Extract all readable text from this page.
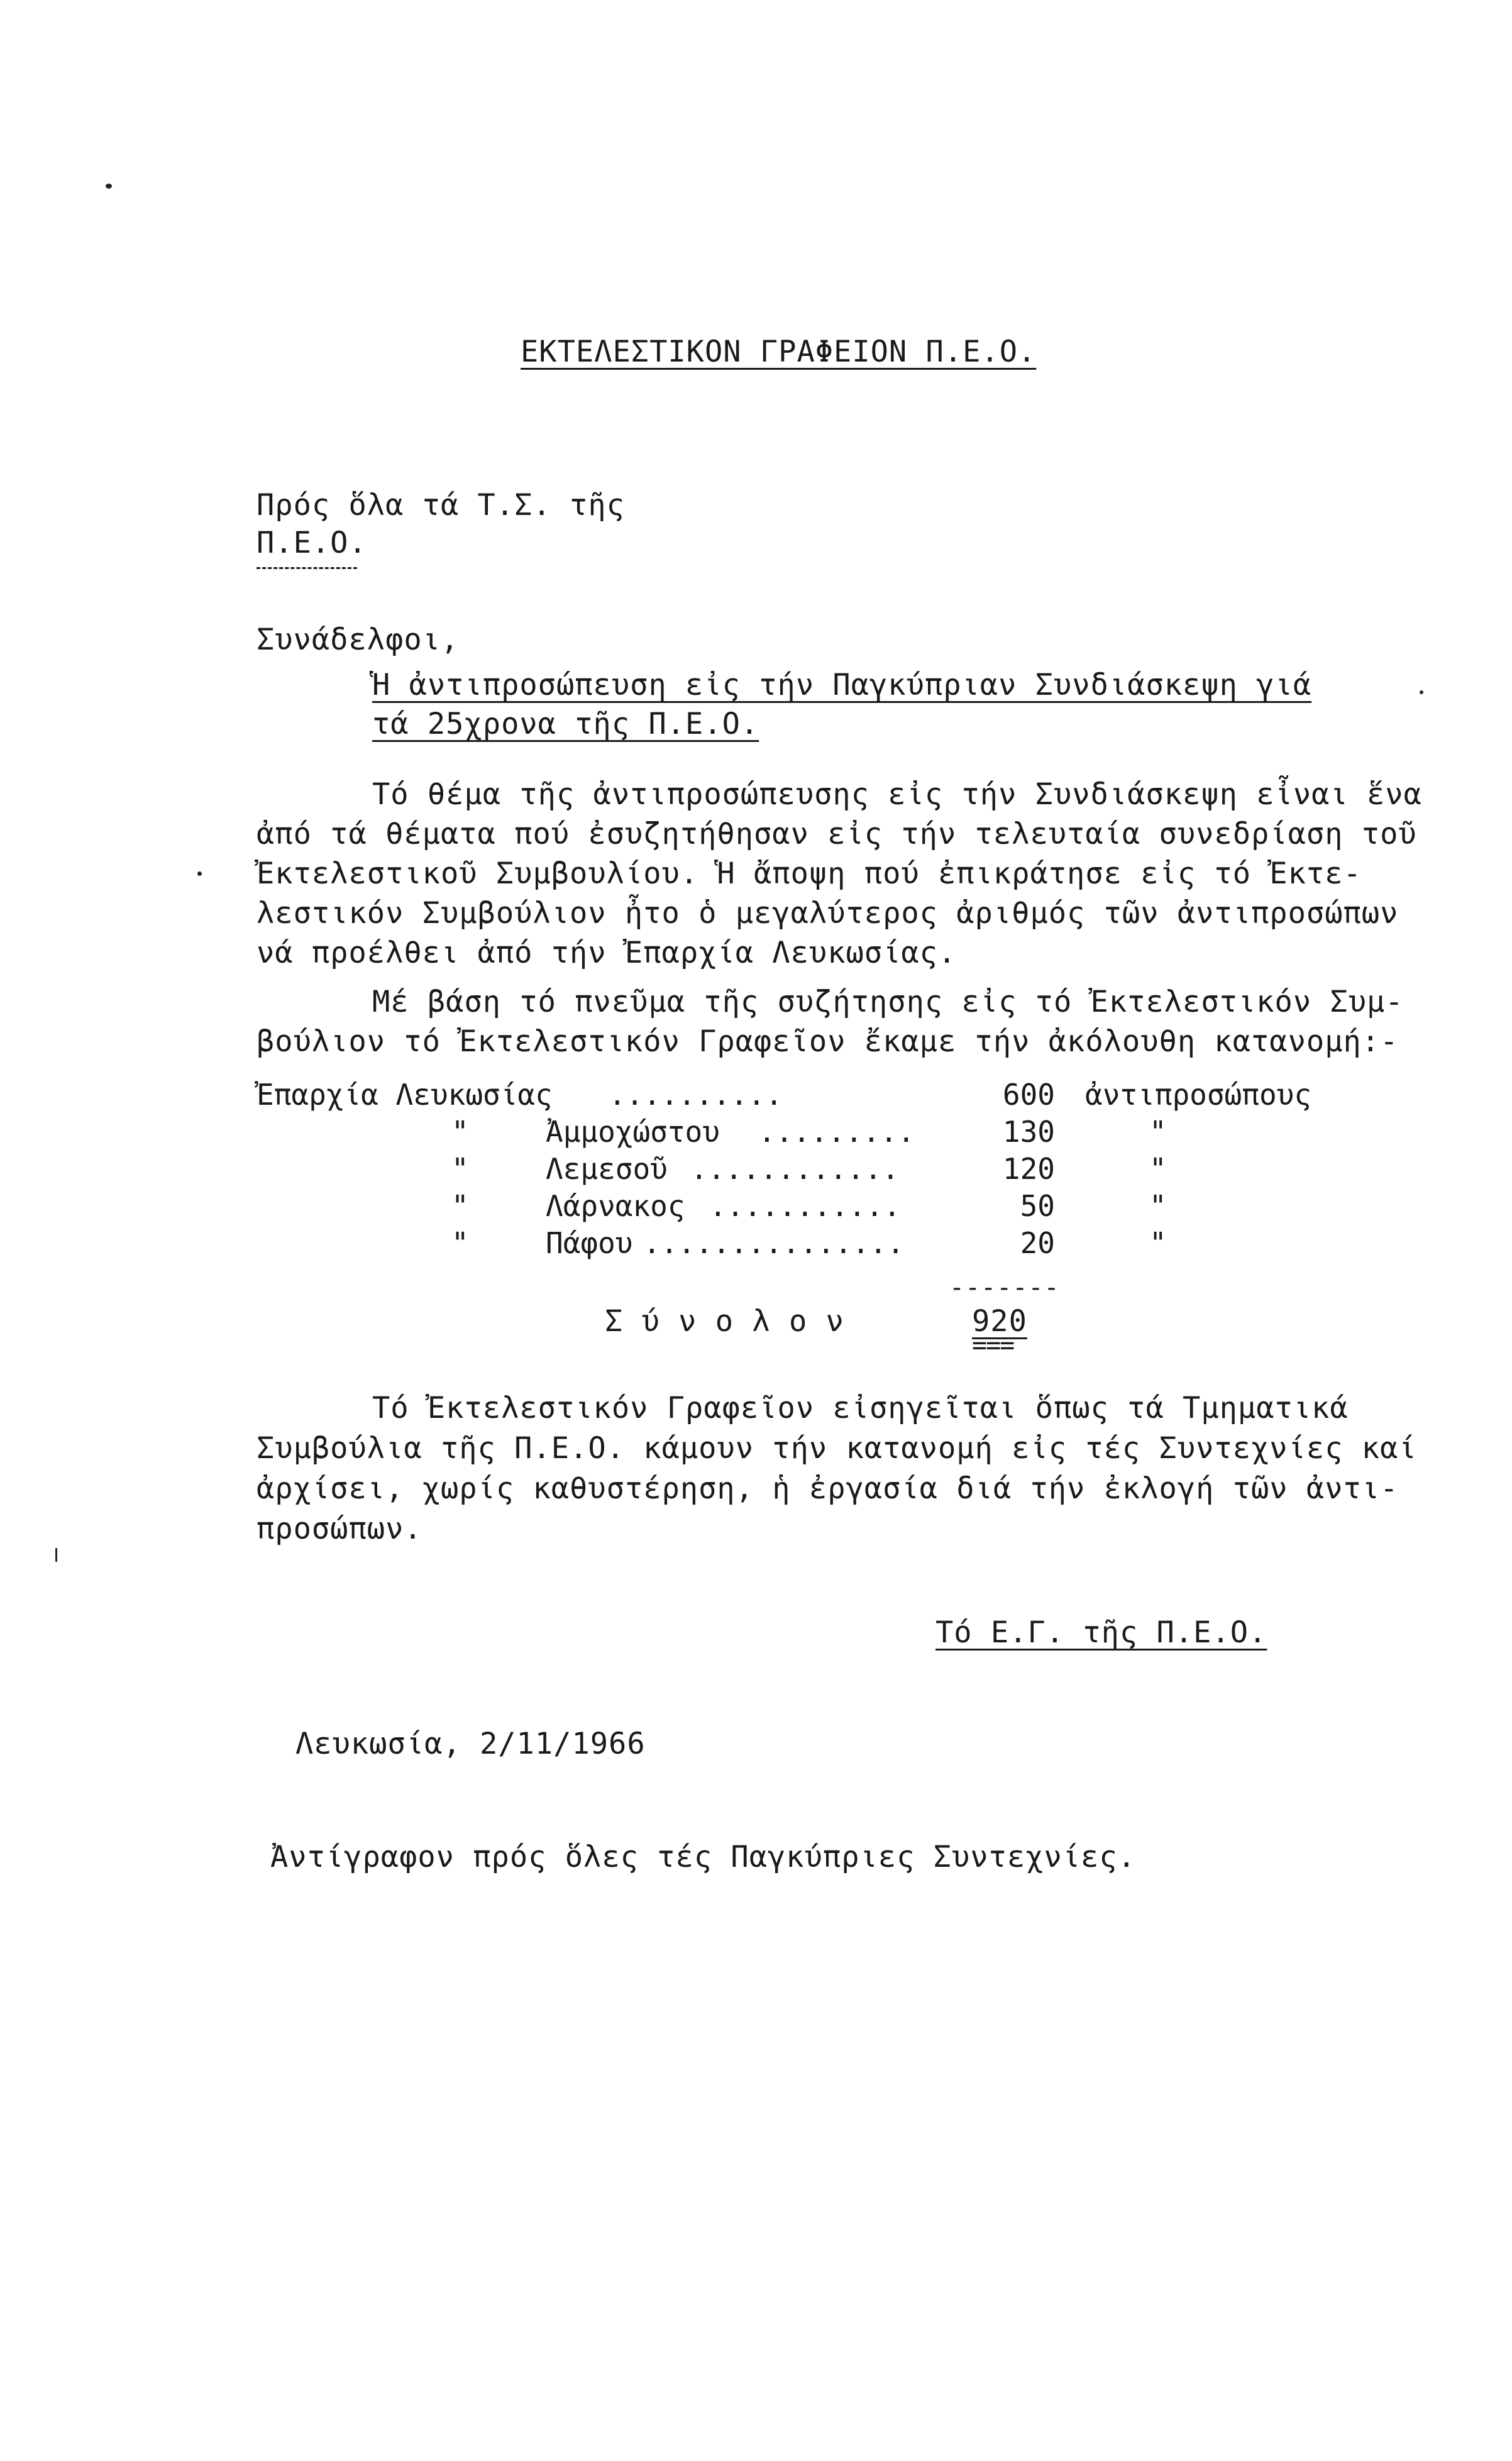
ΕΚΤΕΛΕΣΤΙΚΟΝ ΓΡΑΦΕΙΟΝ Π.Ε.Ο.
Πρός ὅλα τά Τ.Σ. τῆς
Π.Ε.Ο.
Συνάδελφοι,
Ἡ ἀντιπροσώπευση εἰς τήν Παγκύπριαν Συνδιάσκεψη γιά
τά 25χρονα τῆς Π.Ε.Ο.
Τό θέμα τῆς ἀντιπροσώπευσης εἰς τήν Συνδιάσκεψη εἶναι ἕνα
ἀπό τά θέματα πού ἐσυζητήθησαν εἰς τήν τελευταία συνεδρίαση τοῦ
Ἐκτελεστικοῦ Συμβουλίου. Ἡ ἄποψη πού ἐπικράτησε εἰς τό Ἐκτε-
λεστικόν Συμβούλιον ἦτο ὁ μεγαλύτερος ἀριθμός τῶν ἀντιπροσώπων
νά προέλθει ἀπό τήν Ἐπαρχία Λευκωσίας.
Μέ βάση τό πνεῦμα τῆς συζήτησης εἰς τό Ἐκτελεστικόν Συμ-
βούλιον τό Ἐκτελεστικόν Γραφεῖον ἔκαμε τήν ἀκόλουθη κατανομή:-
Ἐπαρχία Λευκωσίας ..........	600 ἀντιπροσώπους
"	Ἀμμοχώστου .........	130	"
"	Λεμεσοῦ ............	120	"
"	Λάρνακος ...........	50	"
"	Πάφου ...............	20	"
-------
Σ ύ ν ο λ ο ν	920
===
Τό Ἐκτελεστικόν Γραφεῖον εἰσηγεῖται ὅπως τά Τμηματικά
Συμβούλια τῆς Π.Ε.Ο. κάμουν τήν κατανομή εἰς τές Συντεχνίες καί
ἀρχίσει, χωρίς καθυστέρηση, ἡ ἐργασία διά τήν ἐκλογή τῶν ἀντι-
προσώπων.
Τό Ε.Γ. τῆς Π.Ε.Ο.
Λευκωσία, 2/11/1966
Ἀντίγραφον πρός ὅλες τές Παγκύπριες Συντεχνίες.
